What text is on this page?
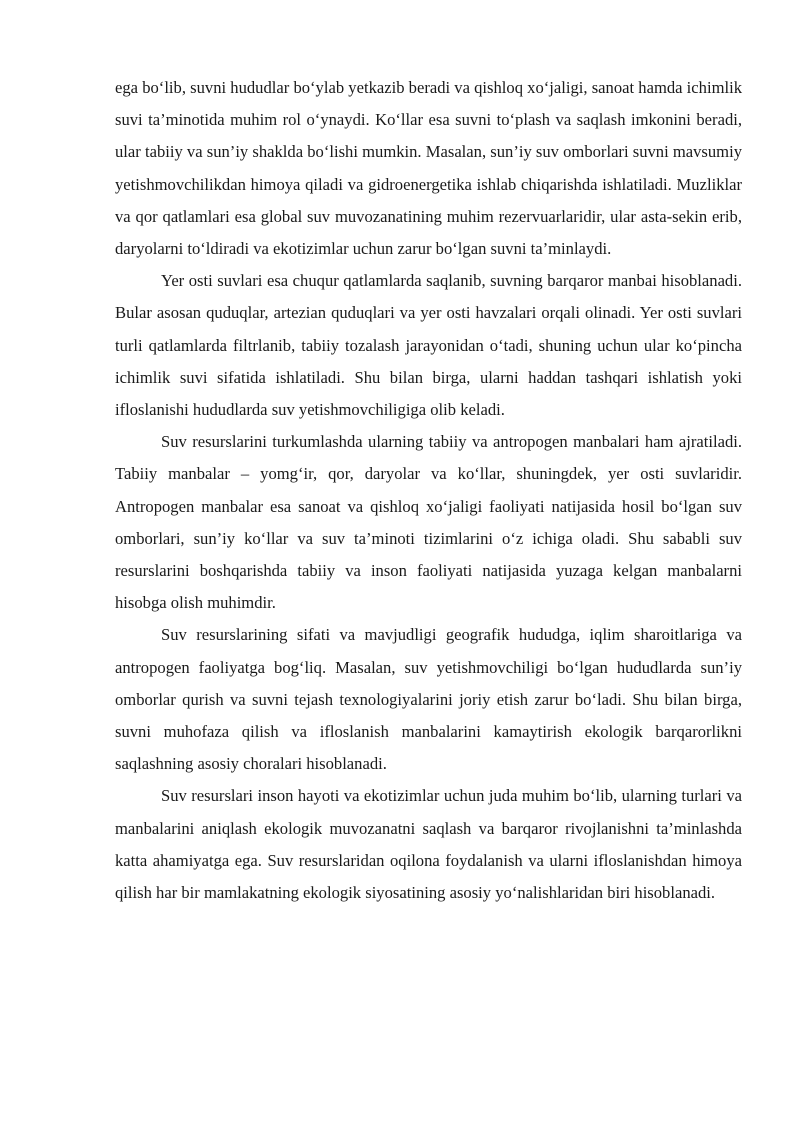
ega bo‘lib, suvni hududlar bo‘ylab yetkazib beradi va qishloq xo‘jaligi, sanoat hamda ichimlik suvi ta’minotida muhim rol o‘ynaydi. Ko‘llar esa suvni to‘plash va saqlash imkonini beradi, ular tabiiy va sun’iy shaklda bo‘lishi mumkin. Masalan, sun’iy suv omborlari suvni mavsumiy yetishmovchilikdan himoya qiladi va gidroenergetika ishlab chiqarishda ishlatiladi. Muzliklar va qor qatlamlari esa global suv muvozanatining muhim rezervuarlaridir, ular asta-sekin erib, daryolarni to‘ldiradi va ekotizimlar uchun zarur bo‘lgan suvni ta’minlaydi.

Yer osti suvlari esa chuqur qatlamlarda saqlanib, suvning barqaror manbai hisoblanadi. Bular asosan quduqlar, artezian quduqlari va yer osti havzalari orqali olinadi. Yer osti suvlari turli qatlamlarda filtrlanib, tabiiy tozalash jarayonidan o‘tadi, shuning uchun ular ko‘pincha ichimlik suvi sifatida ishlatiladi. Shu bilan birga, ularni haddan tashqari ishlatish yoki ifloslanishi hududlarda suv yetishmovchiligiga olib keladi.

Suv resurslarini turkumlashda ularning tabiiy va antropogen manbalari ham ajratiladi. Tabiiy manbalar – yomg‘ir, qor, daryolar va ko‘llar, shuningdek, yer osti suvlaridir. Antropogen manbalar esa sanoat va qishloq xo‘jaligi faoliyati natijasida hosil bo‘lgan suv omborlari, sun’iy ko‘llar va suv ta’minoti tizimlarini o‘z ichiga oladi. Shu sababli suv resurslarini boshqarishda tabiiy va inson faoliyati natijasida yuzaga kelgan manbalarni hisobga olish muhimdir.

Suv resurslarining sifati va mavjudligi geografik hududga, iqlim sharoitlariga va antropogen faoliyatga bog‘liq. Masalan, suv yetishmovchiligi bo‘lgan hududlarda sun’iy omborlar qurish va suvni tejash texnologiyalarini joriy etish zarur bo‘ladi. Shu bilan birga, suvni muhofaza qilish va ifloslanish manbalarini kamaytirish ekologik barqarorlikni saqlashning asosiy choralari hisoblanadi.

Suv resurslari inson hayoti va ekotizimlar uchun juda muhim bo‘lib, ularning turlari va manbalarini aniqlash ekologik muvozanatni saqlash va barqaror rivojlanishni ta’minlashda katta ahamiyatga ega. Suv resurslaridan oqilona foydalanish va ularni ifloslanishdan himoya qilish har bir mamlakatning ekologik siyosatining asosiy yo‘nalishlaridan biri hisoblanadi.
